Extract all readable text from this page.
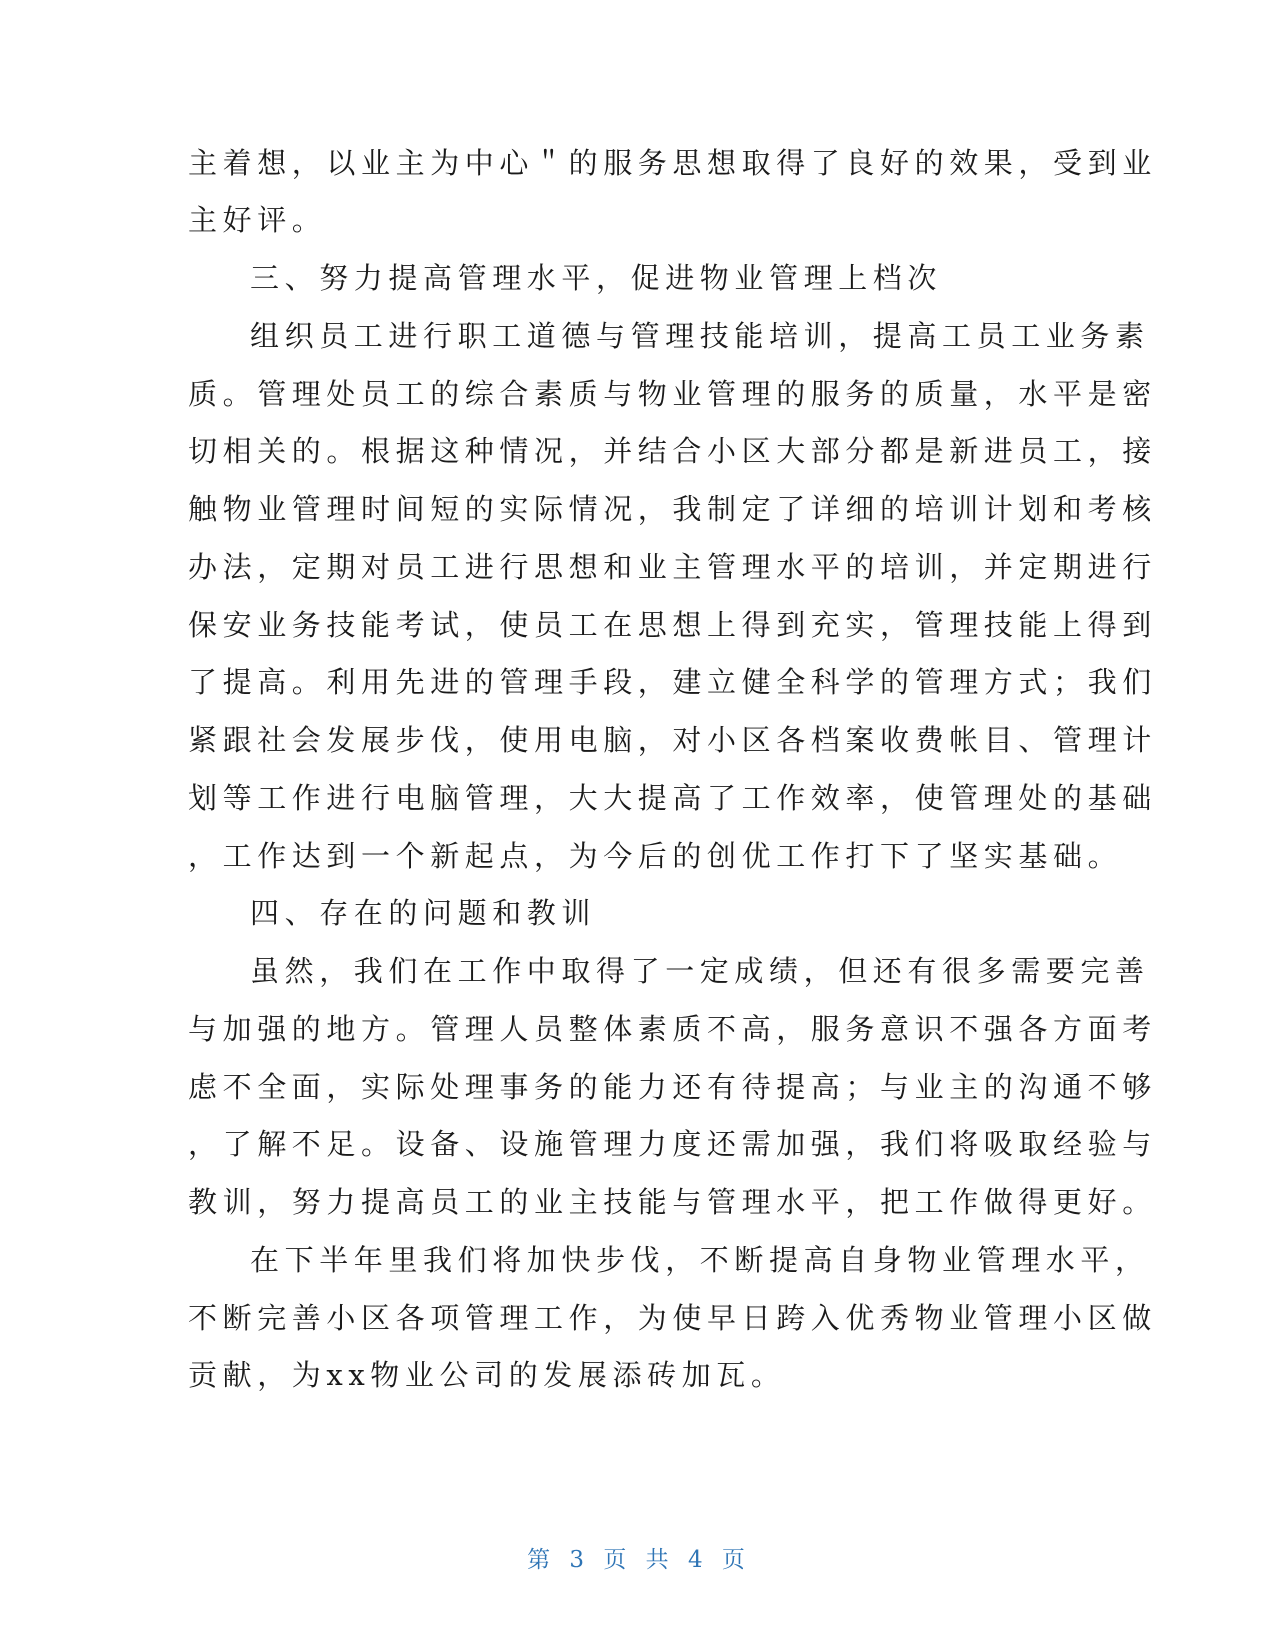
主着想，以业主为中心＂的服务思想取得了良好的效果，受到业
主好评。
三、努力提高管理水平，促进物业管理上档次
组织员工进行职工道德与管理技能培训，提高工员工业务素
质。管理处员工的综合素质与物业管理的服务的质量，水平是密
切相关的。根据这种情况，并结合小区大部分都是新进员工，接
触物业管理时间短的实际情况，我制定了详细的培训计划和考核
办法，定期对员工进行思想和业主管理水平的培训，并定期进行
保安业务技能考试，使员工在思想上得到充实，管理技能上得到
了提高。利用先进的管理手段，建立健全科学的管理方式；我们
紧跟社会发展步伐，使用电脑，对小区各档案收费帐目、管理计
划等工作进行电脑管理，大大提高了工作效率，使管理处的基础
，工作达到一个新起点，为今后的创优工作打下了坚实基础。
四、存在的问题和教训
虽然，我们在工作中取得了一定成绩，但还有很多需要完善
与加强的地方。管理人员整体素质不高，服务意识不强各方面考
虑不全面，实际处理事务的能力还有待提高；与业主的沟通不够
，了解不足。设备、设施管理力度还需加强，我们将吸取经验与
教训，努力提高员工的业主技能与管理水平，把工作做得更好。
在下半年里我们将加快步伐，不断提高自身物业管理水平，
不断完善小区各项管理工作，为使早日跨入优秀物业管理小区做
贡献，为xx物业公司的发展添砖加瓦。
第 3 页 共 4 页
